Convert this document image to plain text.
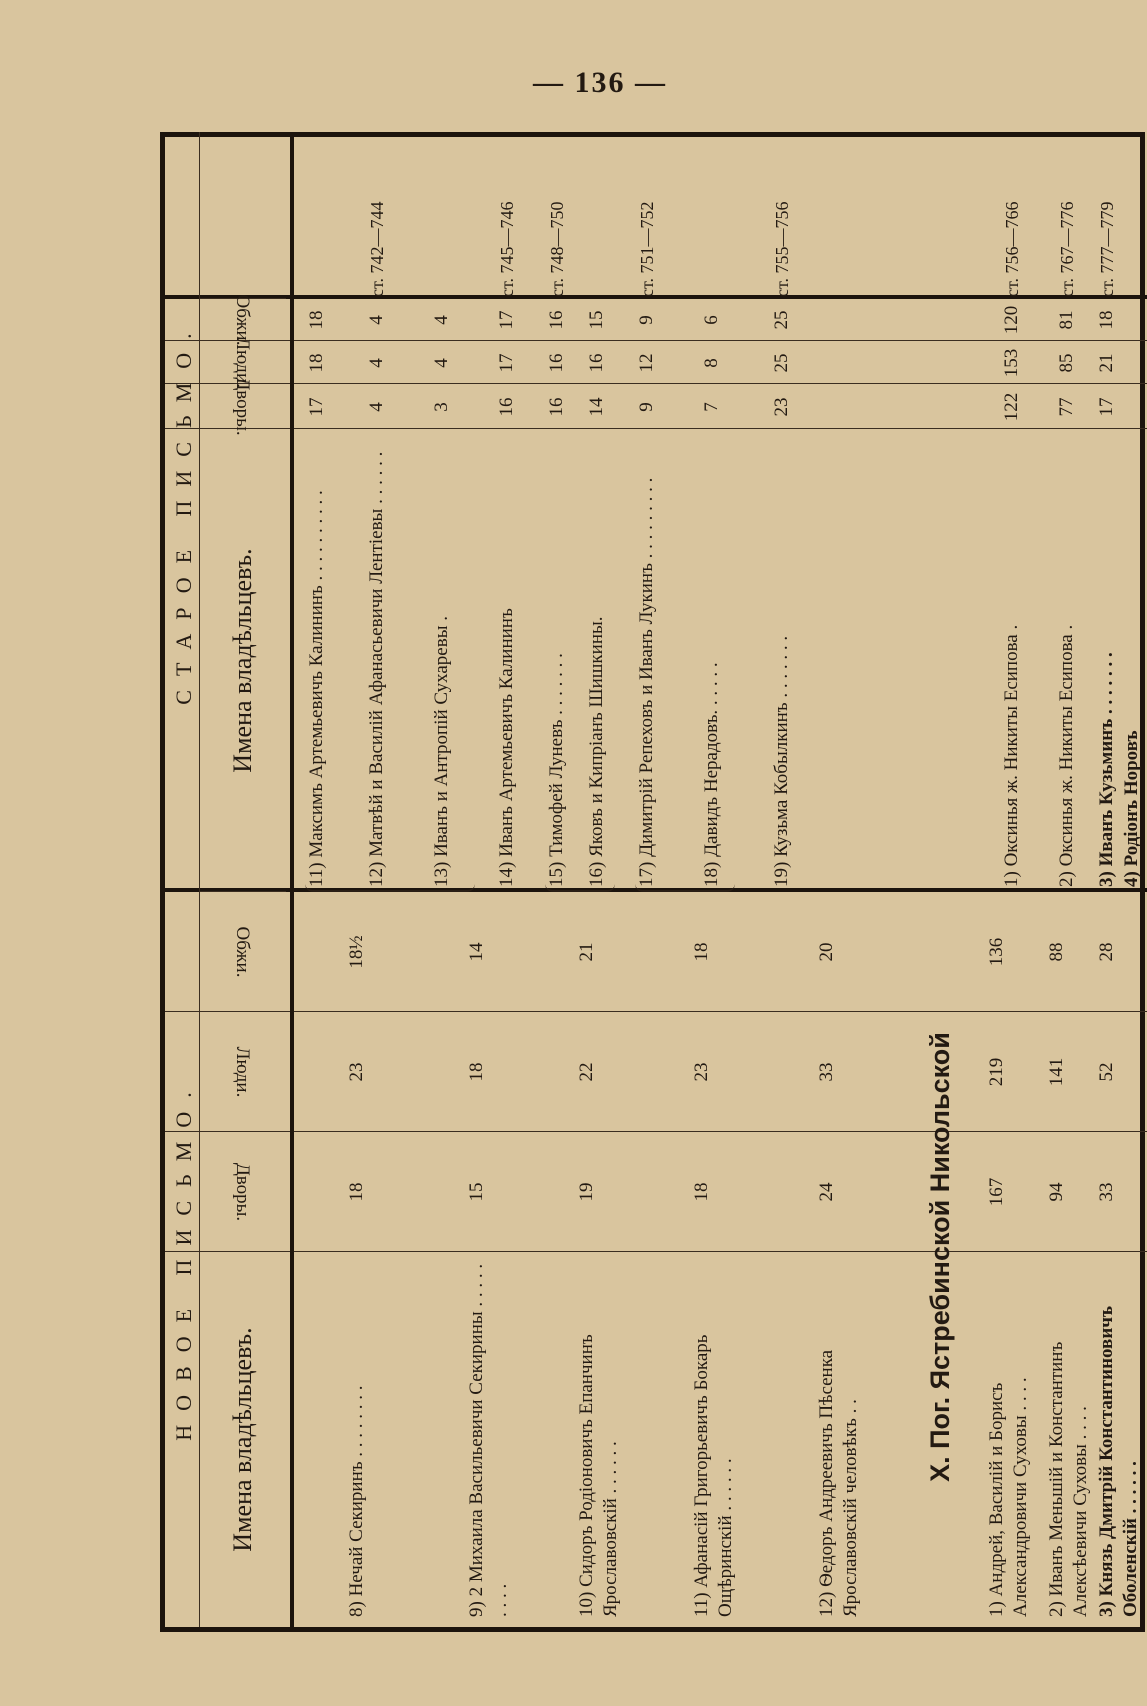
— 136 —
НОВОЕ ПИСЬМО.
СТАРОЕ ПИСЬМО.
Имена владѣльцевъ.
Дворы.
Люди.
Обжи.
Имена владѣльцевъ.
Дворы.
Люди.
Обжи.
8) Нечай Секиринъ . . . . . . . .
18
23
18½
9) 2 Михаила Васильевичи Секирины . . . . . . . . .
15
18
14
10) Сидоръ Родіоновичъ Епанчинъ Ярославовскій . . . . . .
19
22
21
11) Афанасій Григорьевичъ Бокарь Ощѣринскій . . . . . .
18
23
18
12) Ѳедоръ Андреевичъ Пѣсенка Ярославовскій человѣкъ . .
24
33
20
X. Пог. Ястребинской Никольской
1) Андрей, Василій и Борисъ Александровичи Суховы . . . .
167
219
136
2) Иванъ Меньшій и Константинъ Алексѣевичи Суховы . . . .
94
141
88
3) Князь Дмитрій Константиновичъ Оболенскій . . . . . .
33
52
28
11) Максимъ Артемьевичъ Калининъ . . . . . . . . . .
17
18
18
12) Матвѣй и Василій Афанасьевичи Лентіевы . . . . . .
4
4
4
ст. 742—744
13) Иванъ и Антропій Сухаревы .
3
4
4
14) Иванъ Артемьевичъ Калининъ
16
17
17
ст. 745—746
15) Тимофей Луневъ . . . . . . .
16
16
16
ст. 748—750
16) Яковъ и Кипріанъ Шишкины.
14
16
15
17) Димитрій Репеховъ и Иванъ Лукинъ . . . . . . . . .
9
12
9
ст. 751—752
18) Давидъ Нерадовъ. . . . . .
7
8
6
19) Кузьма Кобылкинъ . . . . . . .
23
25
25
ст. 755—756
1) Оксинья ж. Никиты Есипова .
122
153
120
ст. 756—766
2) Оксинья ж. Никиты Есипова .
77
85
81
ст. 767—776
3) Иванъ Кузьминъ . . . . . . .
17
21
18
ст. 777—779
4) Родіонъ Норовъ
